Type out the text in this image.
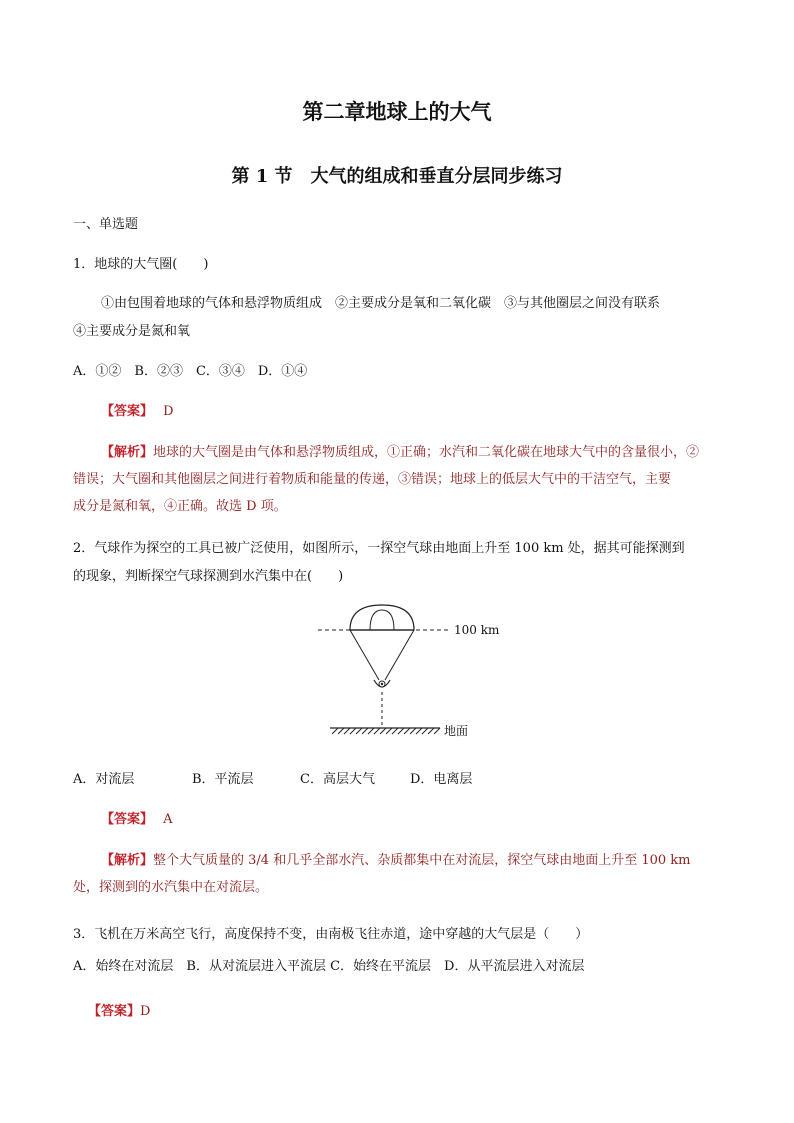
第二章地球上的大气
第 1 节　大气的组成和垂直分层同步练习
一、单选题
1．地球的大气圈(　　)
①由包围着地球的气体和悬浮物质组成　②主要成分是氧和二氧化碳　③与其他圈层之间没有联系
④主要成分是氮和氧
A．①②　B．②③　C．③④　D．①④
【答案】 D
【解析】地球的大气圈是由气体和悬浮物质组成，①正确；水汽和二氧化碳在地球大气中的含量很小，②
错误；大气圈和其他圈层之间进行着物质和能量的传递，③错误；地球上的低层大气中的干洁空气，主要
成分是氮和氧，④正确。故选 D 项。
2．气球作为探空的工具已被广泛使用，如图所示，一探空气球由地面上升至 100 km 处，据其可能探测到
的现象，判断探空气球探测到水汽集中在(　　)
100 km
地面
A．对流层	B．平流层	C．高层大气	D．电离层
【答案】 A
【解析】整个大气质量的 3/4 和几乎全部水汽、杂质都集中在对流层，探空气球由地面上升至 100 km
处，探测到的水汽集中在对流层。
3．飞机在万米高空飞行，高度保持不变，由南极飞往赤道，途中穿越的大气层是（　　）
A．始终在对流层　B．从对流层进入平流层 C．始终在平流层　D．从平流层进入对流层
【答案】D
